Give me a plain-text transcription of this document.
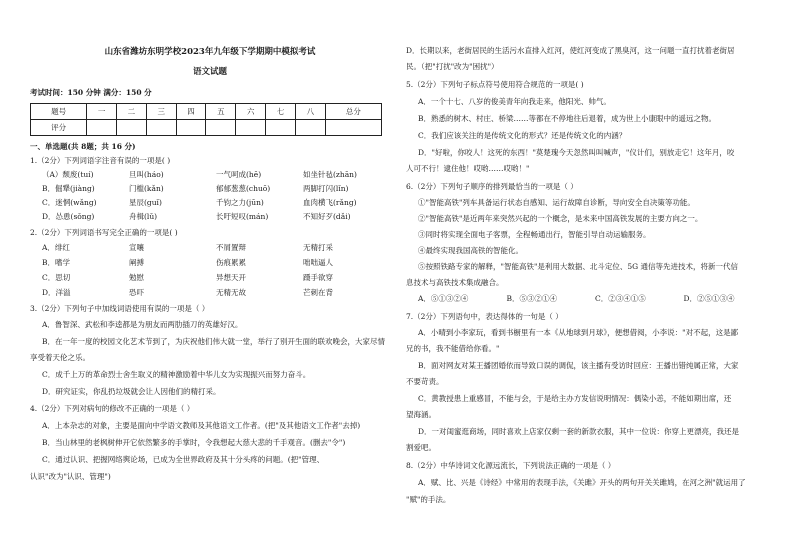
山东省潍坊东明学校2023年九年级下学期期中模拟考试
语文试题
考试时间：150 分钟 满分：150 分
题号	一	二	三	四	五	六	七	八	总分
评分									
一、单选题(共 8题；共 16 分)
1.（2分）下列词语字注音有误的一项是( )
（A）颓废(tuí)	旦叫(háo)	一气呵成(hē)	如坐针毡(zhān)
B．倔犟(jiàng)	门槛(kǎn)	郁郁葱葱(chuō)	两脚打闪(lǐn)
C．迷惘(wǎng)	星辰(guǐ)	千钧之力(jūn)	血肉横飞(rǎng)
D．怂恿(sǒng)	舟楫(lǔ)	长吁短叹(mán)	不知好歹(dǎi)
2.（2分）下列词语书写完全正确的一项是( )
A．绯红	宣嚷	不屑置辩	无精打采
B．嗜学	阐搏	伤痕累累	咄咄逼人
C．思切	勉慰	异想天开	蹑手欲穿
D．洋溢	恐吓	无精无故	芒刺在背
3.（2分）下列句子中加线词语使用有误的一项是（ ）
A．鲁智深、武松和李逵都是为朋友而两肋插刀的英雄好汉。
B．在一年一度的校园文化艺术节到了，为庆祝他们伟大就一堂，举行了别开生面的联欢晚会，大家尽情
享受着天伦之乐。
C．成千上万的革命烈士舍生取义的精神激励着中华儿女为实现振兴而努力奋斗。
D．研究证实，你乱扔垃圾就会让人因他们的精打采。
4.（2分）下列对病句的修改不正确的一项是（ ）
A．上本杂志的对象，主要是面向中学语文教师及其他语文工作者。(把"及其他语文工作者"去掉)
B．当山林里的老枫树伸开它依然繁多的手掌时，令我想起大慈大悲的千手观音。(删去"令")
C．通过认识、把握网络舆论场，已成为全世界政府及其十分头疼的问题。(把"管理、
认识"改为"认识、管理")
D．长期以来，老街居民的生活污水直排入红河，使红河变成了黑臭河，这一问题一直打扰着老街居
民。（把"打扰"改为"困扰"）
5.（2分）下列句子标点符号使用符合规范的一项是( )
A．一个十七、八岁的俊美青年向我走来，他阳光、帅气。
B．熟悉的树木、村庄、桥梁……等都在不停地往后退着，成为世上小康眼中的遥远之物。
C．我们应该关注的是传统文化的形式？还是传统文化的内涵？
D．"好啦，你咬人！这死的东西！"莫楚瑰今天忽然叫叫喊声，"仪计们，别放走它！这年月，咬
人可不行！逮住他！哎哟……哎哟！"
6.（2分）下列句子顺序的排列最恰当的一项是（ ）
①"智能高铁"列车具备运行状态自感知、运行故障自诊断，导向安全自决策等功能。
②"智能高铁"是近两年来突然兴起的一个概念，是未来中国高铁发展的主要方向之一。
③同时将实现全面电子客票，全程畅通出行，智能引导自动运输服务。
④最终实现我国高铁的智能化。
⑤按照铁路专家的解释，"智能高铁"是利用大数据、北斗定位、5G 通信等先进技术，将新一代信
息技术与高铁技术集成融合。
A．⑤①③②④	B．⑤③②①④	C．②③④①⑤	D．②⑤①③④
7.（2分）下列语句中，表达得体的一句是（ ）
A．小晴到小李家玩，看到书橱里有一本《从地球到月球》，便想借阅，小李说："对不起，这是鄙
兄的书，我不能借给你看。"
B．面对网友对某王播团婚依而导致口误的调侃，该主播有受访时回应：王播出错纯属正常，大家
不要苛责。
C．黄教授患上重感冒，不能与会，于是给主办方发信说明情况：偶染小恙，不能如期出席，还
望海涵。
D．一对闺蜜逛商场，同时喜欢上店家仅剩一套的新款衣服，其中一位说：你穿上更漂亮，我还是
割爱吧。
8.（2分）中华诗词文化源远流长，下列说法正确的一项是（ ）
A．赋、比、兴是《诗经》中常用的表现手法，《关雎》开头的两句开关关雎鸠，在河之洲"就运用了
"赋"的手法。
